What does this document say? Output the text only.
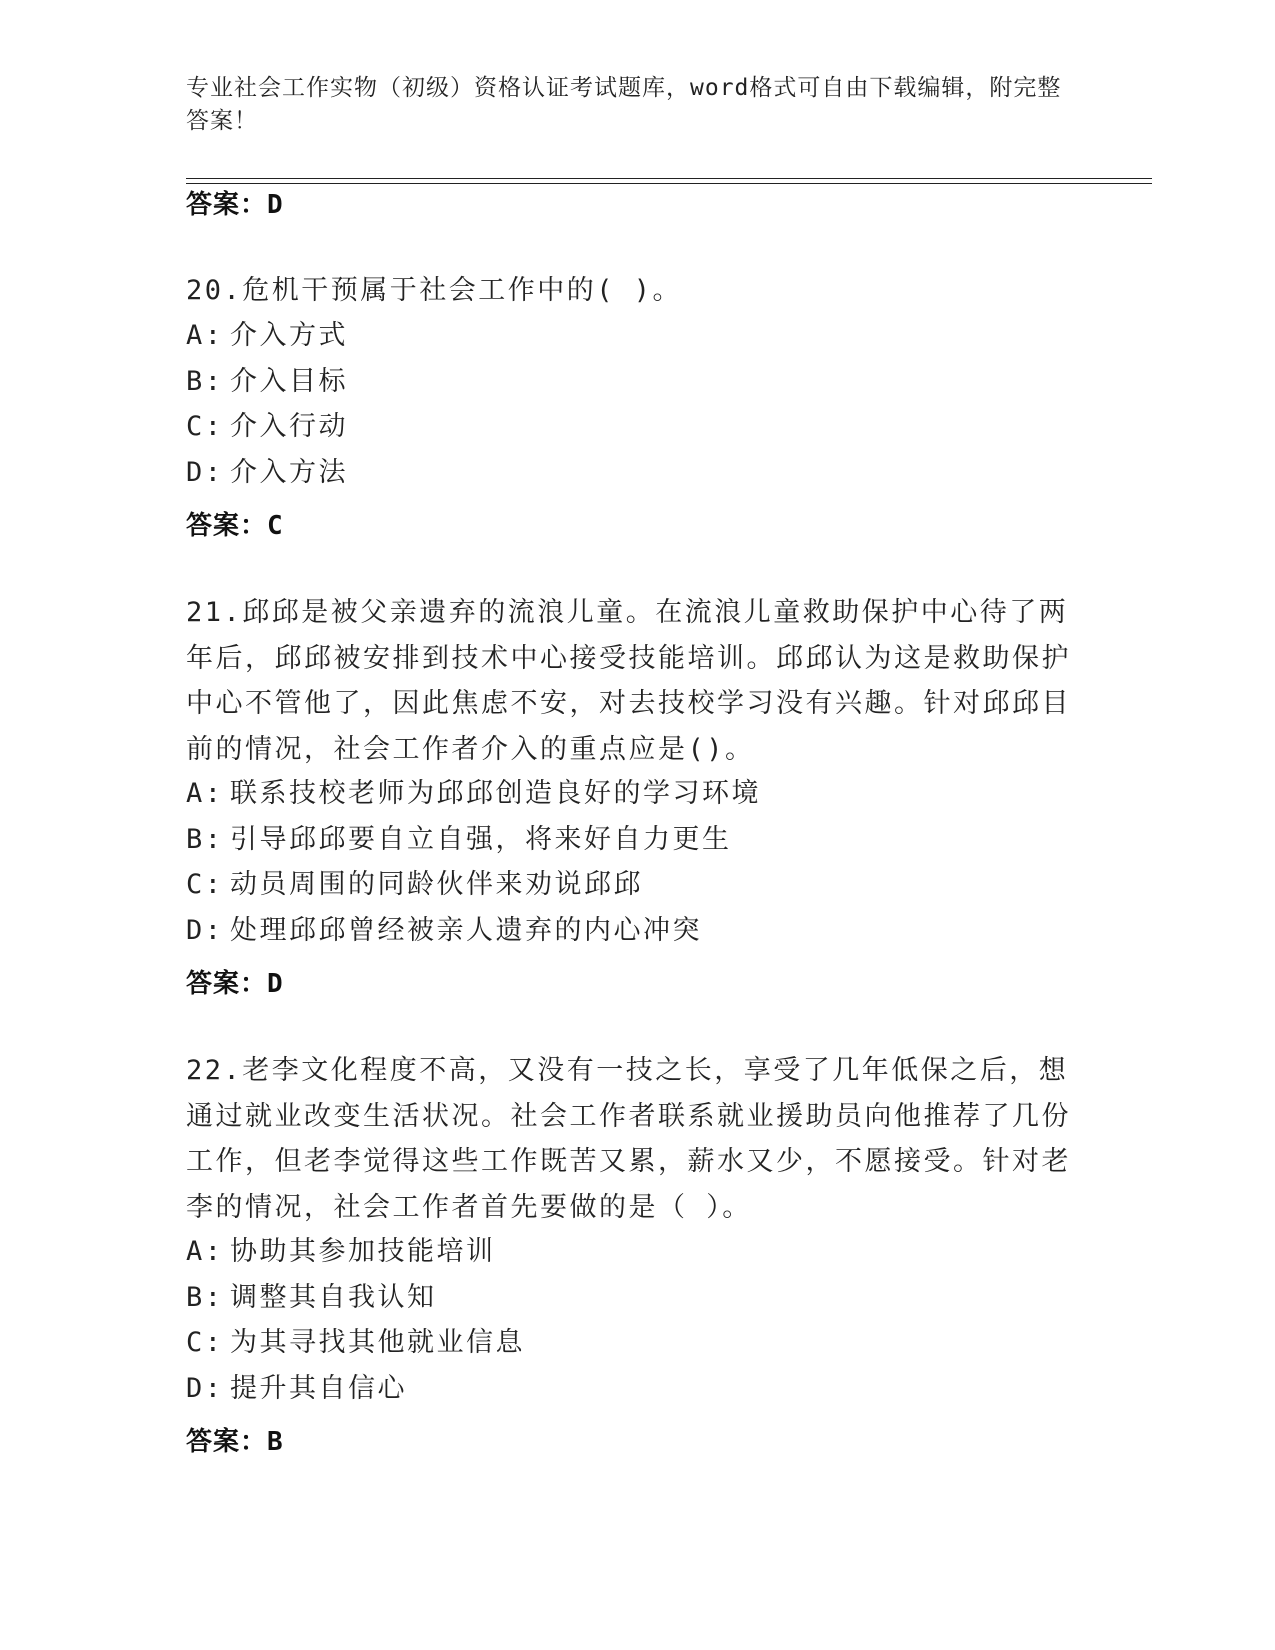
专业社会工作实物（初级）资格认证考试题库，word格式可自由下载编辑，附完整答案！
答案：D
20.危机干预属于社会工作中的( )。
A: 介入方式
B: 介入目标
C: 介入行动
D: 介入方法
答案：C
21.邱邱是被父亲遗弃的流浪儿童。在流浪儿童救助保护中心待了两年后，邱邱被安排到技术中心接受技能培训。邱邱认为这是救助保护中心不管他了，因此焦虑不安，对去技校学习没有兴趣。针对邱邱目前的情况，社会工作者介入的重点应是()。
A: 联系技校老师为邱邱创造良好的学习环境
B: 引导邱邱要自立自强，将来好自力更生
C: 动员周围的同龄伙伴来劝说邱邱
D: 处理邱邱曾经被亲人遗弃的内心冲突
答案：D
22.老李文化程度不高，又没有一技之长，享受了几年低保之后，想通过就业改变生活状况。社会工作者联系就业援助员向他推荐了几份工作，但老李觉得这些工作既苦又累，薪水又少，不愿接受。针对老李的情况，社会工作者首先要做的是（ ）。
A: 协助其参加技能培训
B: 调整其自我认知
C: 为其寻找其他就业信息
D: 提升其自信心
答案：B
